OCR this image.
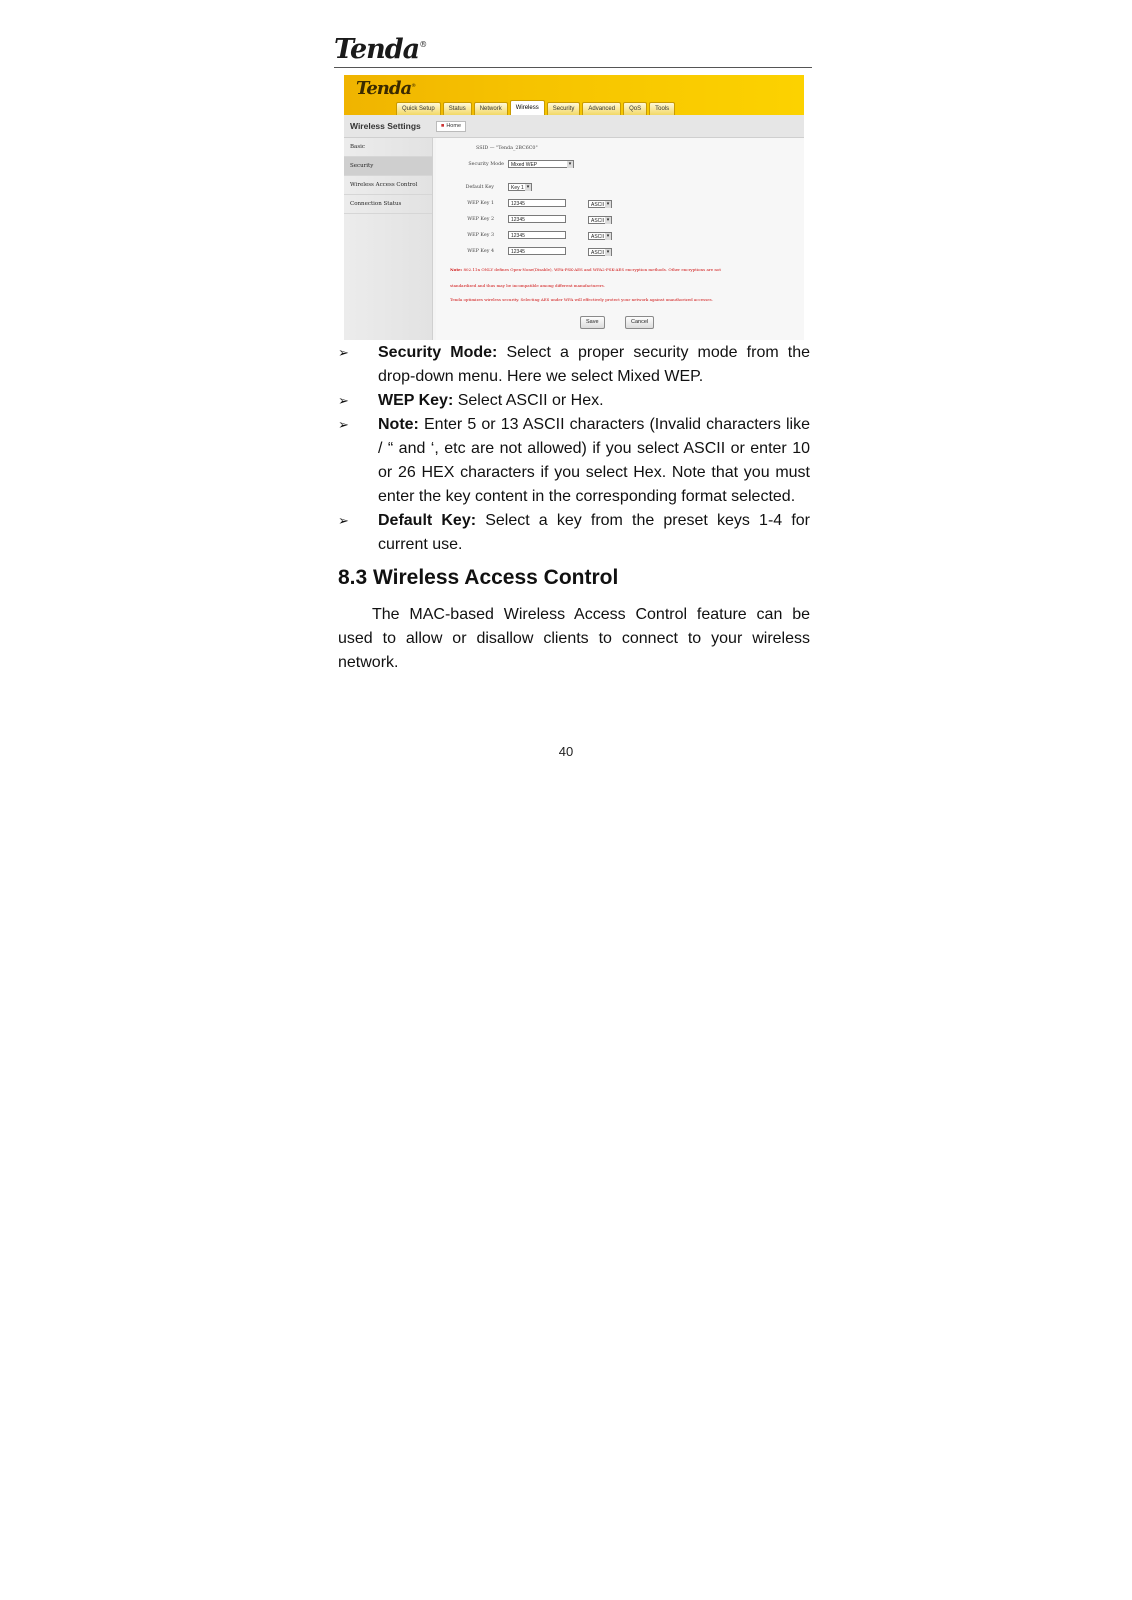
Tenda®
Tenda®
Quick Setup	Status	Network	Wireless	Security	Advanced	QoS	Tools
Wireless Settings	■ Home
Basic
Security
Wireless Access Control
Connection Status
SSID — "Tenda_2BC6C0"
Security Mode	Mixed WEP ▾
Default Key	Key 1 ▾
WEP Key 1	12345	ASCII ▾
WEP Key 2	12345	ASCII ▾
WEP Key 3	12345	ASCII ▾
WEP Key 4	12345	ASCII ▾
Note: 802.11n ONLY defines Open-None(Disable), WPA-PSK-AES and WPA2-PSK-AES encryption methods. Other encryptions are not
standardized and thus may be incompatible among different manufacturers.
Tenda optimizes wireless security. Selecting AES under WPA will effectively protect your network against unauthorized accesses.
Save	Cancel
➢ Security Mode: Select a proper security mode from the drop-down menu. Here we select Mixed WEP.
➢ WEP Key: Select ASCII or Hex.
➢ Note: Enter 5 or 13 ASCII characters (Invalid characters like / “ and ‘, etc are not allowed) if you select ASCII or enter 10 or 26 HEX characters if you select Hex. Note that you must enter the key content in the corresponding format selected.
➢ Default Key: Select a key from the preset keys 1-4 for current use.
8.3 Wireless Access Control
The MAC-based Wireless Access Control feature can be used to allow or disallow clients to connect to your wireless network.
40
